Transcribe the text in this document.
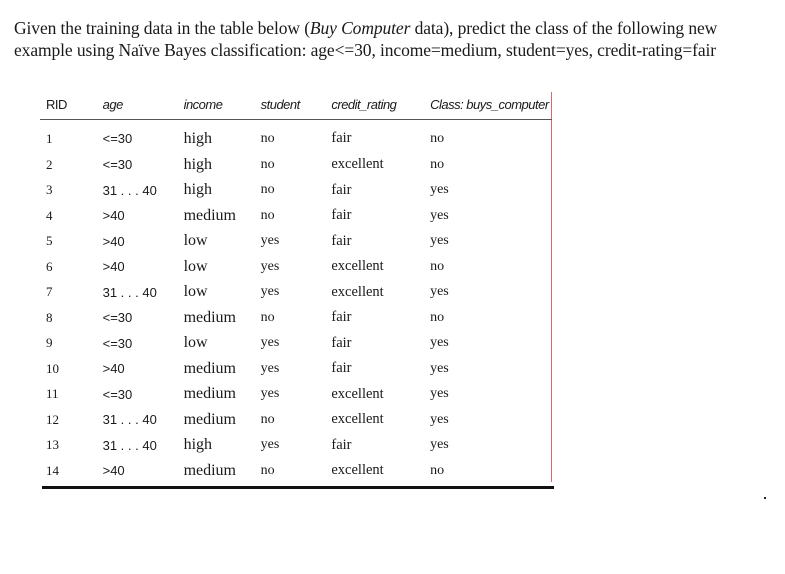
Given the training data in the table below (Buy Computer data), predict the class of the following new example using Naïve Bayes classification: age<=30, income=medium, student=yes, credit-rating=fair

RID	age	income	student	credit_rating	Class: buys_computer
1	<=30	high	no	fair	no
2	<=30	high	no	excellent	no
3	31 . . . 40	high	no	fair	yes
4	>40	medium	no	fair	yes
5	>40	low	yes	fair	yes
6	>40	low	yes	excellent	no
7	31 . . . 40	low	yes	excellent	yes
8	<=30	medium	no	fair	no
9	<=30	low	yes	fair	yes
10	>40	medium	yes	fair	yes
11	<=30	medium	yes	excellent	yes
12	31 . . . 40	medium	no	excellent	yes
13	31 . . . 40	high	yes	fair	yes
14	>40	medium	no	excellent	no
